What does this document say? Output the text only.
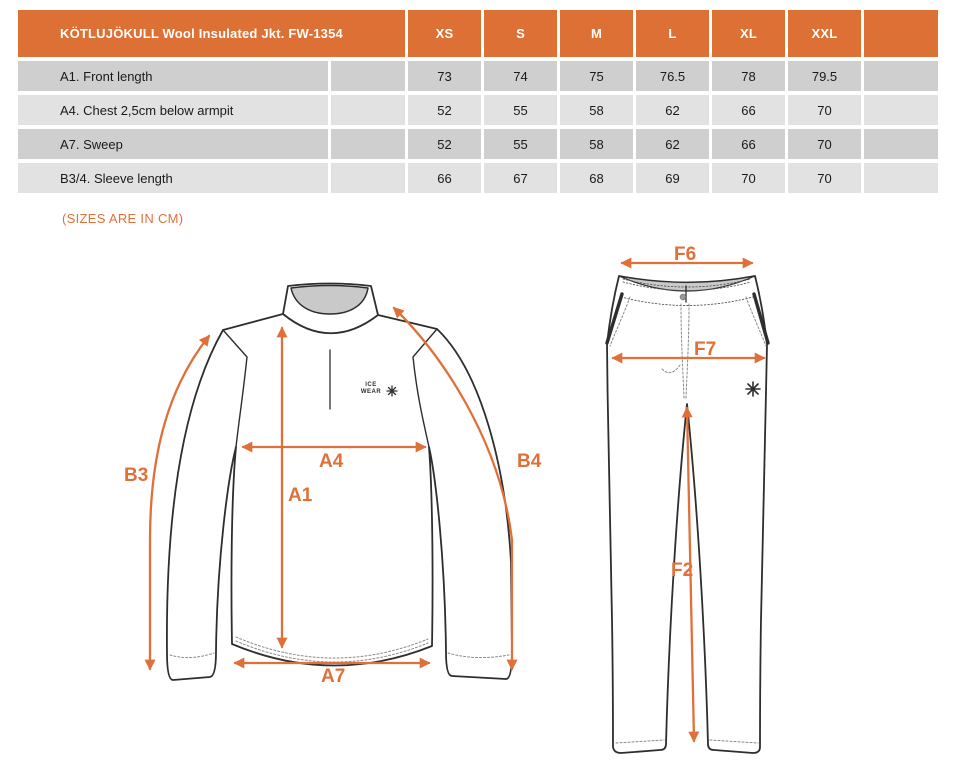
KÖTLUJÖKULL Wool Insulated Jkt. FW-1354	XS	S	M	L	XL	XXL
A1. Front length	73	74	75	76.5	78	79.5
A4. Chest 2,5cm below armpit	52	55	58	62	66	70
A7. Sweep	52	55	58	62	66	70
B3/4. Sleeve length	66	67	68	69	70	70
(SIZES ARE IN CM)
B3
B4
A1
A4
A7
F6
F7
F2
ICE
WEAR
